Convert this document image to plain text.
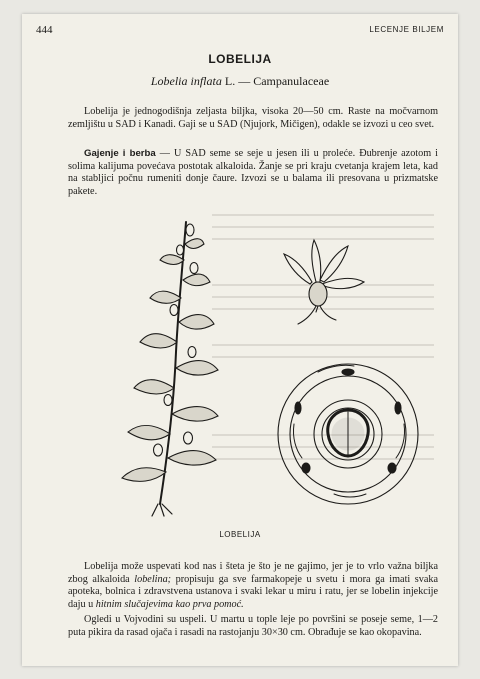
444	LECENJE BILJEM
LOBELIJA
Lobelia inflata L. — Campanulaceae

Lobelija je jednogodišnja zeljasta biljka, visoka 20—50 cm. Raste na močvarnom zemljištu u SAD i Kanadi. Gaji se u SAD (Njujork, Mičigen), odakle se izvozi u ceo svet.

Gajenje i berba — U SAD seme se seje u jesen ili u proleće. Đubrenje azotom i solima kalijuma povećava postotak alkaloida. Žanje se pri kraju cvetanja krajem leta, kad na stabljici počnu rumeniti donje čaure. Izvozi se u balama ili presovana u prizmatske pakete.

LOBELIJA

Lobelija može uspevati kod nas i šteta je što je ne gajimo, jer je to vrlo važna biljka zbog alkaloida lobelina; propisuju ga sve farmakopeje u svetu i mora ga imati svaka apoteka, bolnica i zdravstvena ustanova i svaki lekar u miru i ratu, jer se lobelin injekcije daju u hitnim slučajevima kao prva pomoć.

Ogledi u Vojvodini su uspeli. U martu u tople leje po površini se poseje seme, 1—2 puta pikira da rasad ojača i rasadi na rastojanju 30×30 cm. Obrađuje se kao okopavina.
